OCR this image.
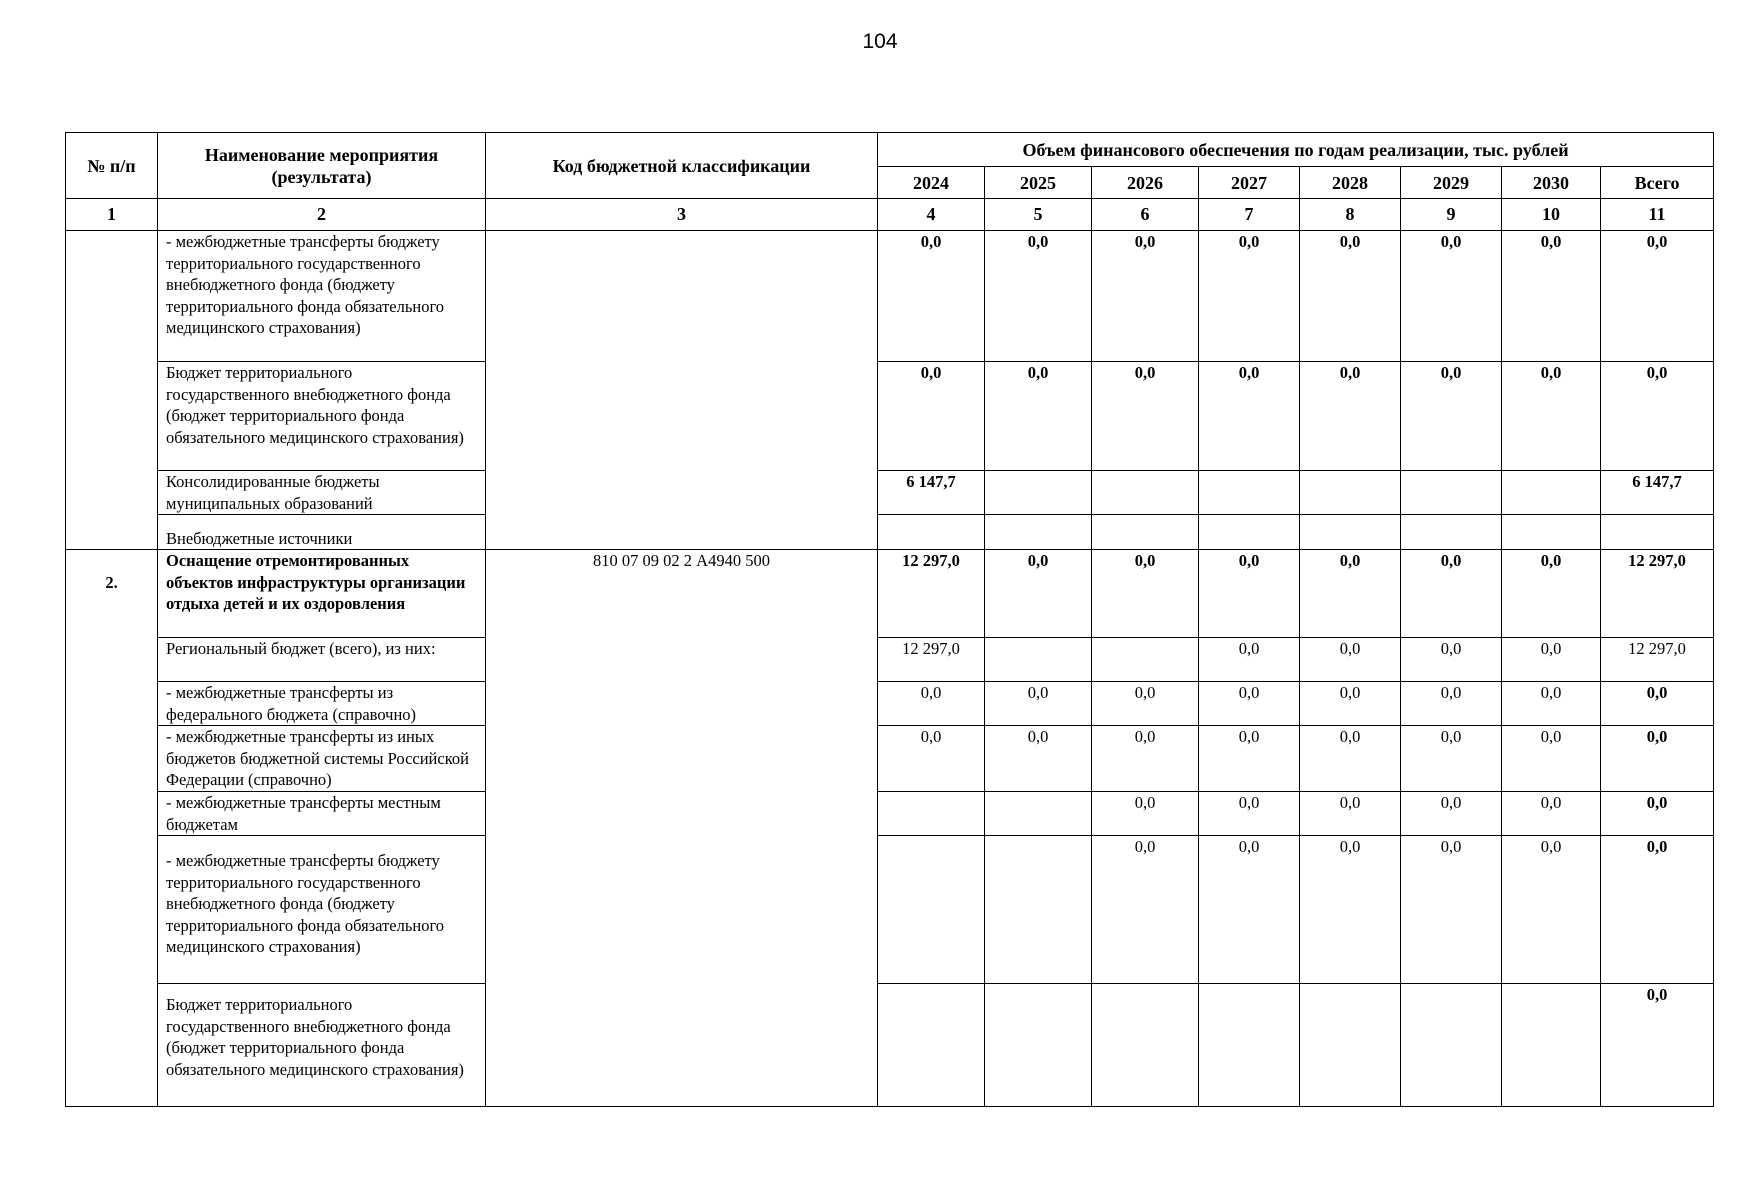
104
№ п/п	Наименование мероприятия (результата)	Код бюджетной классификации	Объем финансового обеспечения по годам реализации, тыс. рублей							
			2024	2025	2026	2027	2028	2029	2030	Всего
1	2	3	4	5	6	7	8	9	10	11
	- межбюджетные трансферты бюджету территориального государственного внебюджетного фонда (бюджету территориального фонда обязательного медицинского страхования)		0,0	0,0	0,0	0,0	0,0	0,0	0,0	0,0
	Бюджет территориального государственного внебюджетного фонда (бюджет территориального фонда обязательного медицинского страхования)		0,0	0,0	0,0	0,0	0,0	0,0	0,0	0,0
	Консолидированные бюджеты муниципальных образований		6 147,7							6 147,7
	Внебюджетные источники									
2.	Оснащение отремонтированных объектов инфраструктуры организации отдыха детей и их оздоровления	810 07 09 02 2 А4940 500	12 297,0	0,0	0,0	0,0	0,0	0,0	0,0	12 297,0
	Региональный бюджет (всего), из них:		12 297,0			0,0	0,0	0,0	0,0	12 297,0
	- межбюджетные трансферты из федерального бюджета (справочно)		0,0	0,0	0,0	0,0	0,0	0,0	0,0	0,0
	- межбюджетные трансферты из иных бюджетов бюджетной системы Российской Федерации (справочно)		0,0	0,0	0,0	0,0	0,0	0,0	0,0	0,0
	- межбюджетные трансферты местным бюджетам				0,0	0,0	0,0	0,0	0,0	0,0
	- межбюджетные трансферты бюджету территориального государственного внебюджетного фонда (бюджету территориального фонда обязательного медицинского страхования)				0,0	0,0	0,0	0,0	0,0	0,0
	Бюджет территориального государственного внебюджетного фонда (бюджет территориального фонда обязательного медицинского страхования)									0,0
